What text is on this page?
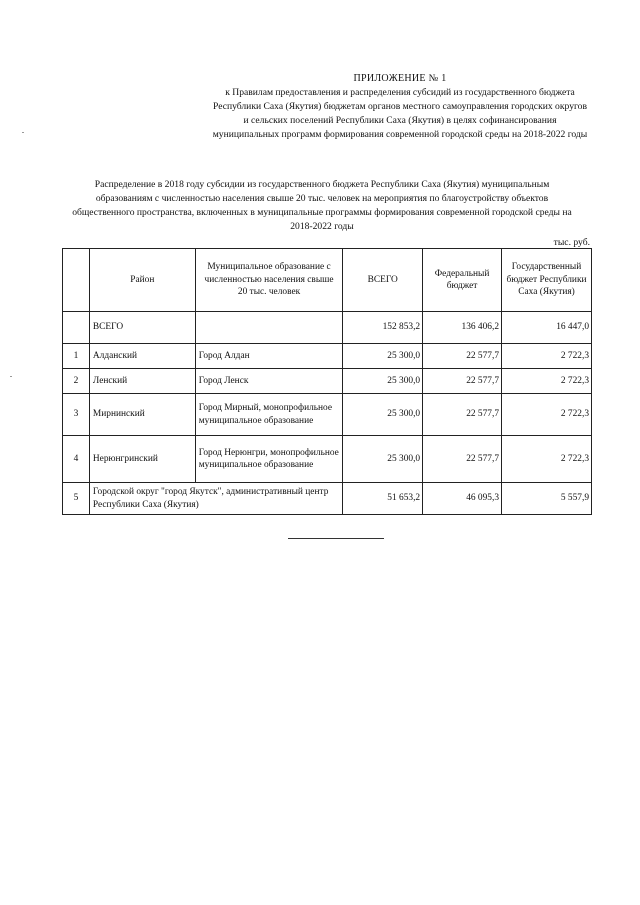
ПРИЛОЖЕНИЕ № 1
к Правилам предоставления и распределения субсидий из государственного бюджета
Республики Саха (Якутия) бюджетам органов местного самоуправления городских округов
и сельских поселений Республики Саха (Якутия) в целях софинансирования
муниципальных программ формирования современной городской среды на 2018-2022 годы
Распределение в 2018 году субсидии из государственного бюджета Республики Саха (Якутия) муниципальным
образованиям с численностью населения свыше 20 тыс. человек на мероприятия по благоустройству объектов
общественного пространства, включенных в муниципальные программы формирования современной городской среды на
2018-2022 годы
тыс. руб.
	Район	Муниципальное образование с численностью населения свыше 20 тыс. человек	ВСЕГО	Федеральный бюджет	Государственный бюджет Республики Саха (Якутия)
	ВСЕГО		152 853,2	136 406,2	16 447,0
1	Алданский	Город Алдан	25 300,0	22 577,7	2 722,3
2	Ленский	Город Ленск	25 300,0	22 577,7	2 722,3
3	Мирнинский	Город Мирный, монопрофильное муниципальное образование	25 300,0	22 577,7	2 722,3
4	Нерюнгринский	Город Нерюнгри, монопрофильное муниципальное образование	25 300,0	22 577,7	2 722,3
5	Городской округ "город Якутск", административный центр Республики Саха (Якутия)		51 653,2	46 095,3	5 557,9
